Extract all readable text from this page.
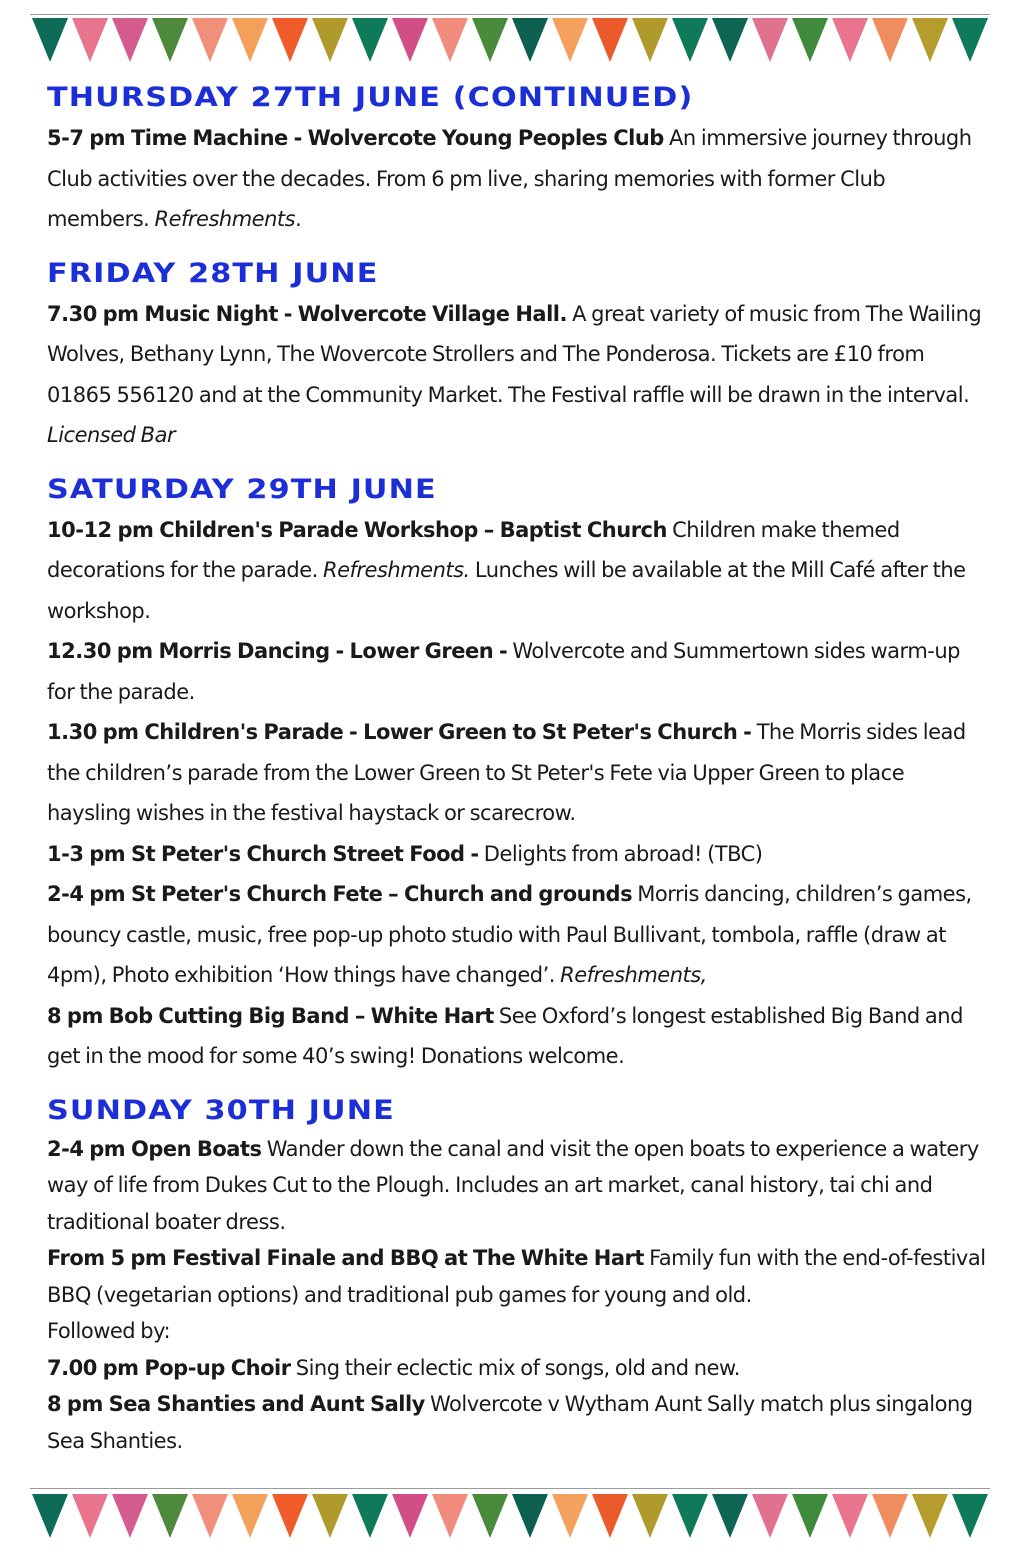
THURSDAY 27TH JUNE (CONTINUED)

5-7 pm Time Machine - Wolvercote Young Peoples Club An immersive journey through Club activities over the decades. From 6 pm live, sharing memories with former Club members. Refreshments.

FRIDAY 28TH JUNE

7.30 pm Music Night - Wolvercote Village Hall. A great variety of music from The Wailing Wolves, Bethany Lynn, The Wovercote Strollers and The Ponderosa. Tickets are £10 from 01865 556120 and at the Community Market. The Festival raffle will be drawn in the interval. Licensed Bar

SATURDAY 29TH JUNE

10-12 pm Children's Parade Workshop – Baptist Church Children make themed decorations for the parade. Refreshments. Lunches will be available at the Mill Café after the workshop.

12.30 pm Morris Dancing - Lower Green - Wolvercote and Summertown sides warm-up for the parade.

1.30 pm Children's Parade - Lower Green to St Peter's Church - The Morris sides lead the children’s parade from the Lower Green to St Peter's Fete via Upper Green to place haysling wishes in the festival haystack or scarecrow.

1-3 pm St Peter's Church Street Food - Delights from abroad! (TBC)

2-4 pm St Peter's Church Fete – Church and grounds Morris dancing, children’s games, bouncy castle, music, free pop-up photo studio with Paul Bullivant, tombola, raffle (draw at 4pm), Photo exhibition ‘How things have changed’. Refreshments,

8 pm Bob Cutting Big Band – White Hart See Oxford’s longest established Big Band and get in the mood for some 40’s swing! Donations welcome.

SUNDAY 30TH JUNE

2-4 pm Open Boats Wander down the canal and visit the open boats to experience a watery way of life from Dukes Cut to the Plough. Includes an art market, canal history, tai chi and traditional boater dress.

From 5 pm Festival Finale and BBQ at The White Hart Family fun with the end-of-festival BBQ (vegetarian options) and traditional pub games for young and old.

Followed by:

7.00 pm Pop-up Choir Sing their eclectic mix of songs, old and new.

8 pm Sea Shanties and Aunt Sally Wolvercote v Wytham Aunt Sally match plus singalong Sea Shanties.
